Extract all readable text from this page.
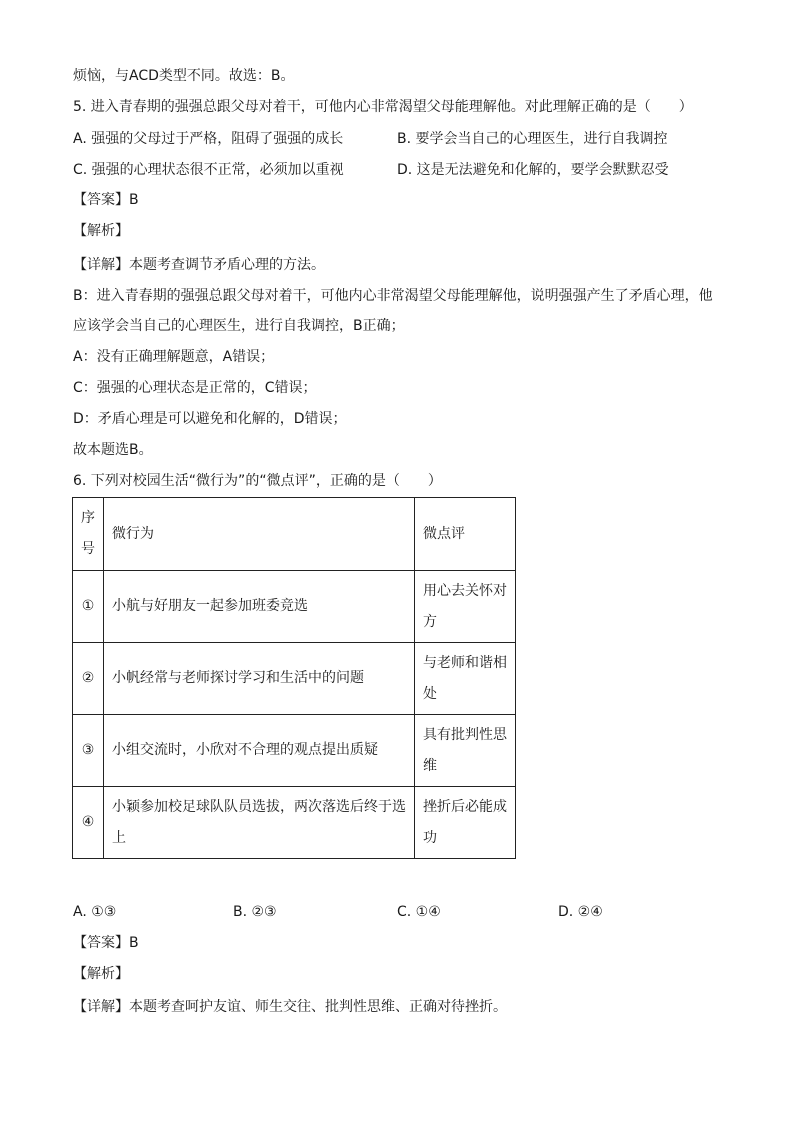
烦恼，与ACD类型不同。故选：B。
5. 进入青春期的强强总跟父母对着干，可他内心非常渴望父母能理解他。对此理解正确的是（　　）
A. 强强的父母过于严格，阻碍了强强的成长	B. 要学会当自己的心理医生，进行自我调控
C. 强强的心理状态很不正常，必须加以重视	D. 这是无法避免和化解的，要学会默默忍受
【答案】B
【解析】
【详解】本题考查调节矛盾心理的方法。
B：进入青春期的强强总跟父母对着干，可他内心非常渴望父母能理解他，说明强强产生了矛盾心理，他
应该学会当自己的心理医生，进行自我调控，B正确；
A：没有正确理解题意，A错误；
C：强强的心理状态是正常的，C错误；
D：矛盾心理是可以避免和化解的，D错误；
故本题选B。
6. 下列对校园生活“微行为”的“微点评”，正确的是（　　）
序号	微行为	微点评
①	小航与好朋友一起参加班委竞选	用心去关怀对方
②	小帆经常与老师探讨学习和生活中的问题	与老师和谐相处
③	小组交流时，小欣对不合理的观点提出质疑	具有批判性思维
④	小颖参加校足球队队员选拔，两次落选后终于选上	挫折后必能成功
A. ①③	B. ②③	C. ①④	D. ②④
【答案】B
【解析】
【详解】本题考查呵护友谊、师生交往、批判性思维、正确对待挫折。
